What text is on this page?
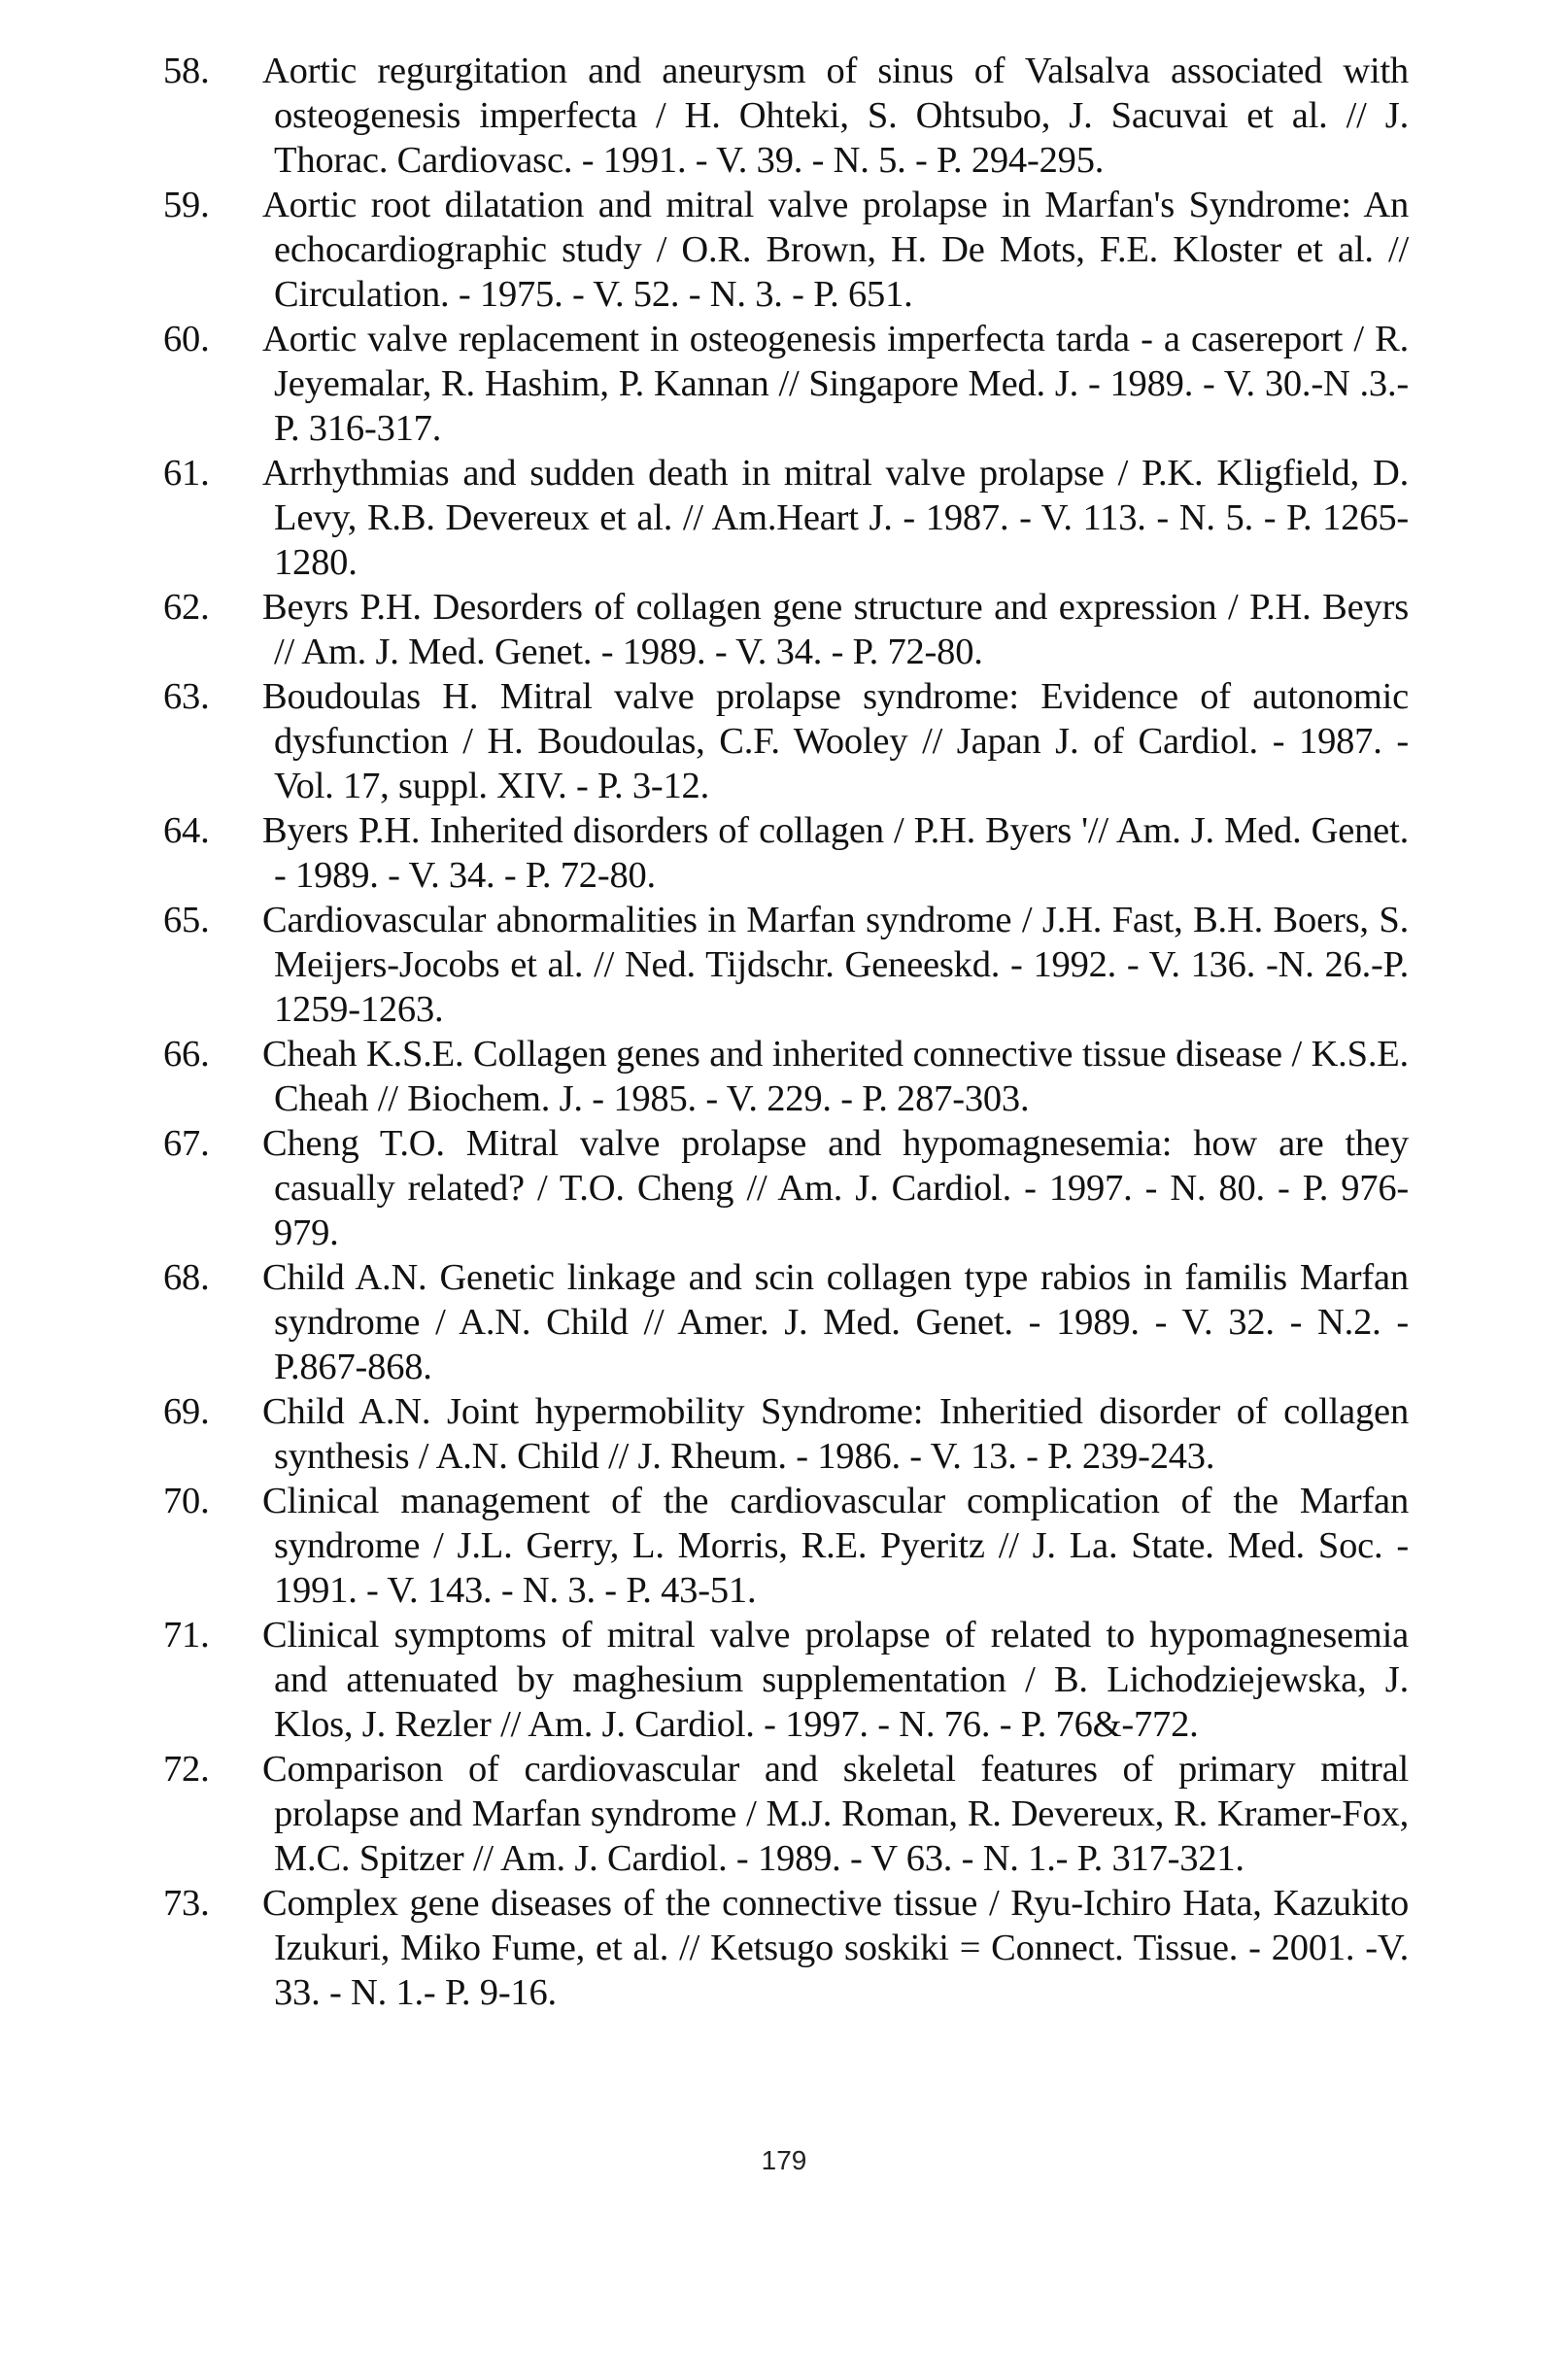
58.	Aortic regurgitation and aneurysm of sinus of Valsalva associated with osteogenesis imperfecta / H. Ohteki, S. Ohtsubo, J. Sacuvai et al. // J. Thorac. Cardiovasc. - 1991. - V. 39. - N. 5. - P. 294-295.
59.	Aortic root dilatation and mitral valve prolapse in Marfan's Syndrome: An echocardiographic study / O.R. Brown, H. De Mots, F.E. Kloster et al. // Circulation. - 1975. - V. 52. - N. 3. - P. 651.
60.	Aortic valve replacement in osteogenesis imperfecta tarda - a casereport / R. Jeyemalar, R. Hashim, P. Kannan // Singapore Med. J. - 1989. - V. 30.-N .3.-P. 316-317.
61.	Arrhythmias and sudden death in mitral valve prolapse / P.K. Kligfield, D. Levy, R.B. Devereux et al. // Am.Heart J. - 1987. - V. 113. - N. 5. - P. 1265-1280.
62.	Beyrs P.H. Desorders of collagen gene structure and expression / P.H. Beyrs // Am. J. Med. Genet. - 1989. - V. 34. - P. 72-80.
63.	Boudoulas H. Mitral valve prolapse syndrome: Evidence of autonomic dysfunction / H. Boudoulas, C.F. Wooley // Japan J. of Cardiol. - 1987. - Vol. 17, suppl. XIV. - P. 3-12.
64.	Byers P.H. Inherited disorders of collagen / P.H. Byers '// Am. J. Med. Genet. - 1989. - V. 34. - P. 72-80.
65.	Cardiovascular abnormalities in Marfan syndrome / J.H. Fast, B.H. Boers, S. Meijers-Jocobs et al. // Ned. Tijdschr. Geneeskd. - 1992. - V. 136. -N. 26.-P. 1259-1263.
66.	Cheah K.S.E. Collagen genes and inherited connective tissue disease / K.S.E. Cheah // Biochem. J. - 1985. - V. 229. - P. 287-303.
67.	Cheng T.O. Mitral valve prolapse and hypomagnesemia: how are they casually related? / T.O. Cheng // Am. J. Cardiol. - 1997. - N. 80. - P. 976-979.
68.	Child A.N. Genetic linkage and scin collagen type rabios in familis Marfan syndrome / A.N. Child // Amer. J. Med. Genet. - 1989. - V. 32. - N.2. - P.867-868.
69.	Child A.N. Joint hypermobility Syndrome: Inheritied disorder of collagen synthesis / A.N. Child // J. Rheum. - 1986. - V. 13. - P. 239-243.
70.	Clinical management of the cardiovascular complication of the Marfan syndrome / J.L. Gerry, L. Morris, R.E. Pyeritz // J. La. State. Med. Soc. - 1991. - V. 143. - N. 3. - P. 43-51.
71.	Clinical symptoms of mitral valve prolapse of related to hypomagnesemia and attenuated by maghesium supplementation / B. Lichodziejewska, J. Klos, J. Rezler // Am. J. Cardiol. - 1997. - N. 76. - P. 76&-772.
72.	Comparison of cardiovascular and skeletal features of primary mitral prolapse and Marfan syndrome / M.J. Roman, R. Devereux, R. Kramer-Fox, M.C. Spitzer // Am. J. Cardiol. - 1989. - V 63. - N. 1.- P. 317-321.
73.	Complex gene diseases of the connective tissue / Ryu-Ichiro Hata, Kazukito Izukuri, Miko Fume, et al. // Ketsugo soskiki = Connect. Tissue. - 2001. -V. 33. - N. 1.- P. 9-16.
179
